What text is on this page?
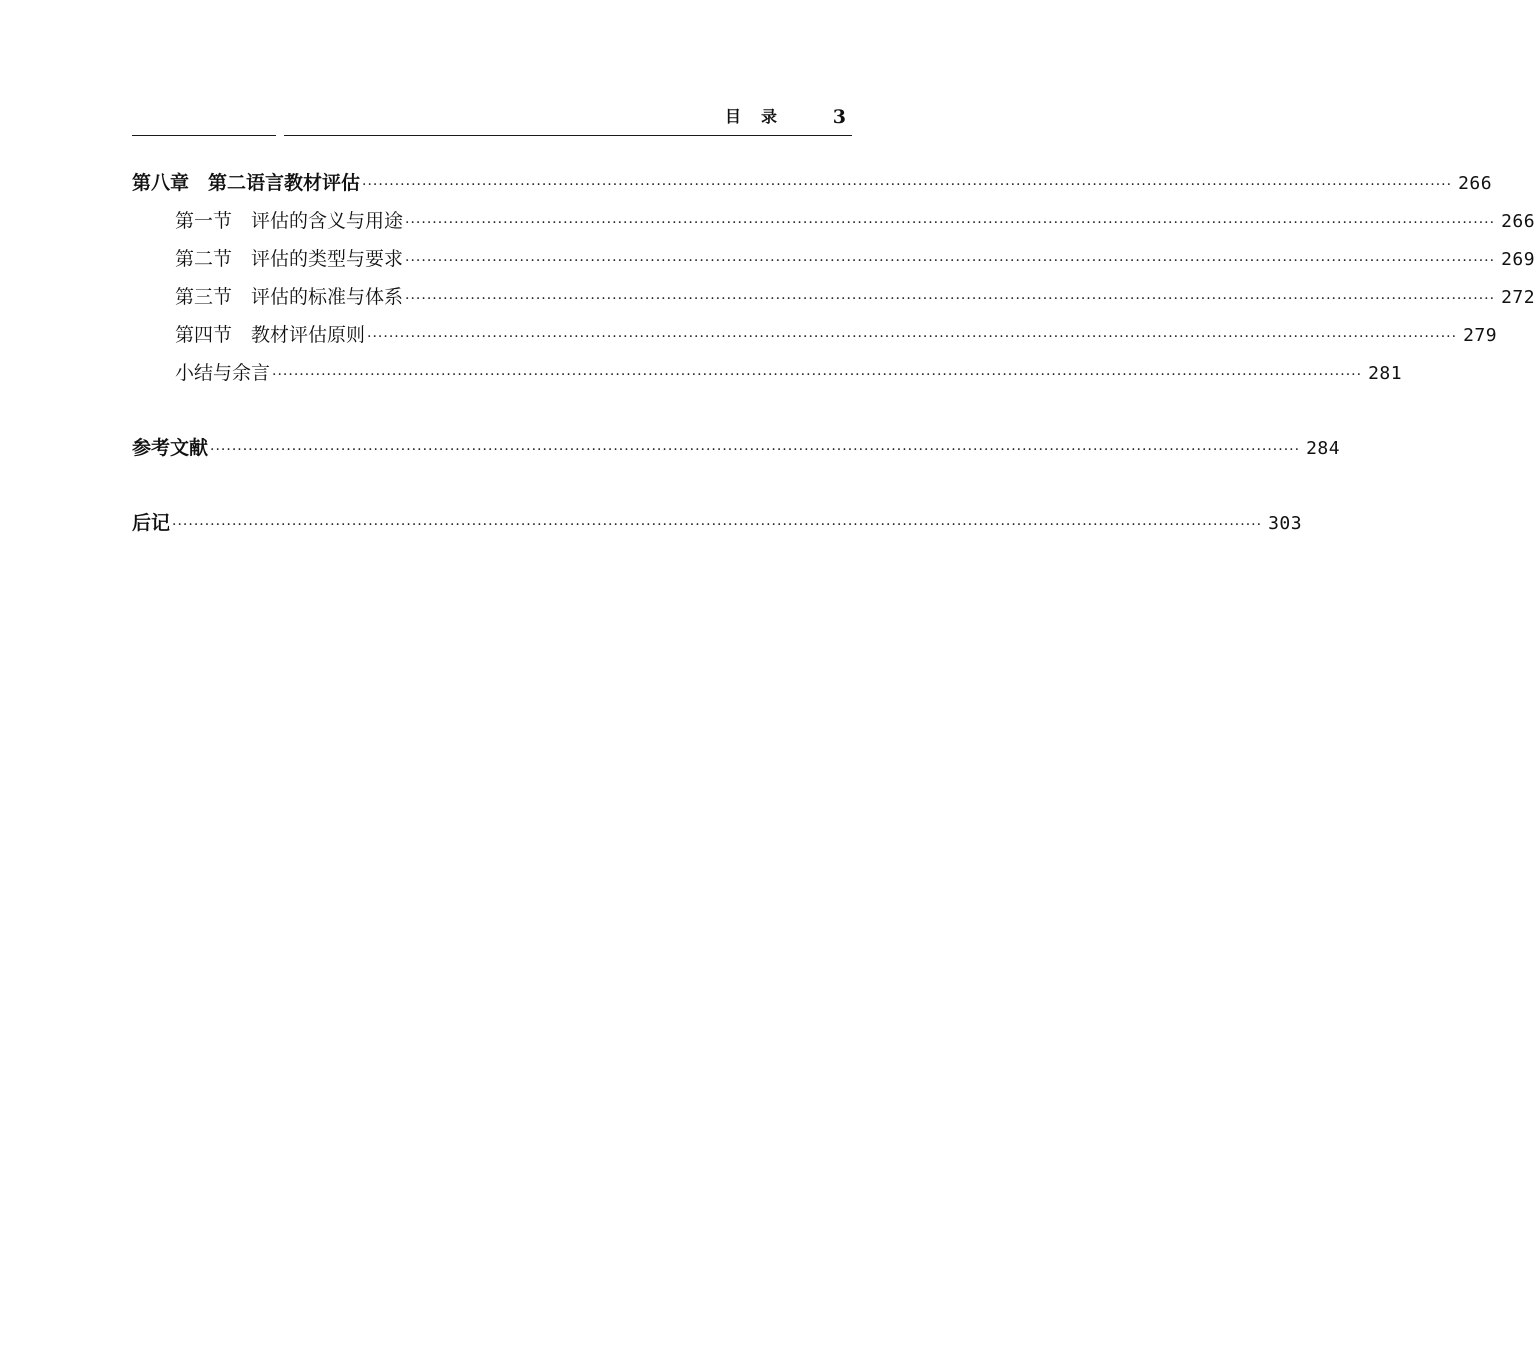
目录 3
第八章　第二语言教材评估 ········································································································································································································ 266
第一节　评估的含义与用途 ········································································································································································································ 266
第二节　评估的类型与要求 ········································································································································································································ 269
第三节　评估的标准与体系 ········································································································································································································ 272
第四节　教材评估原则 ········································································································································································································ 279
小结与余言 ········································································································································································································ 281
参考文献 ········································································································································································································ 284
后记 ········································································································································································································ 303
